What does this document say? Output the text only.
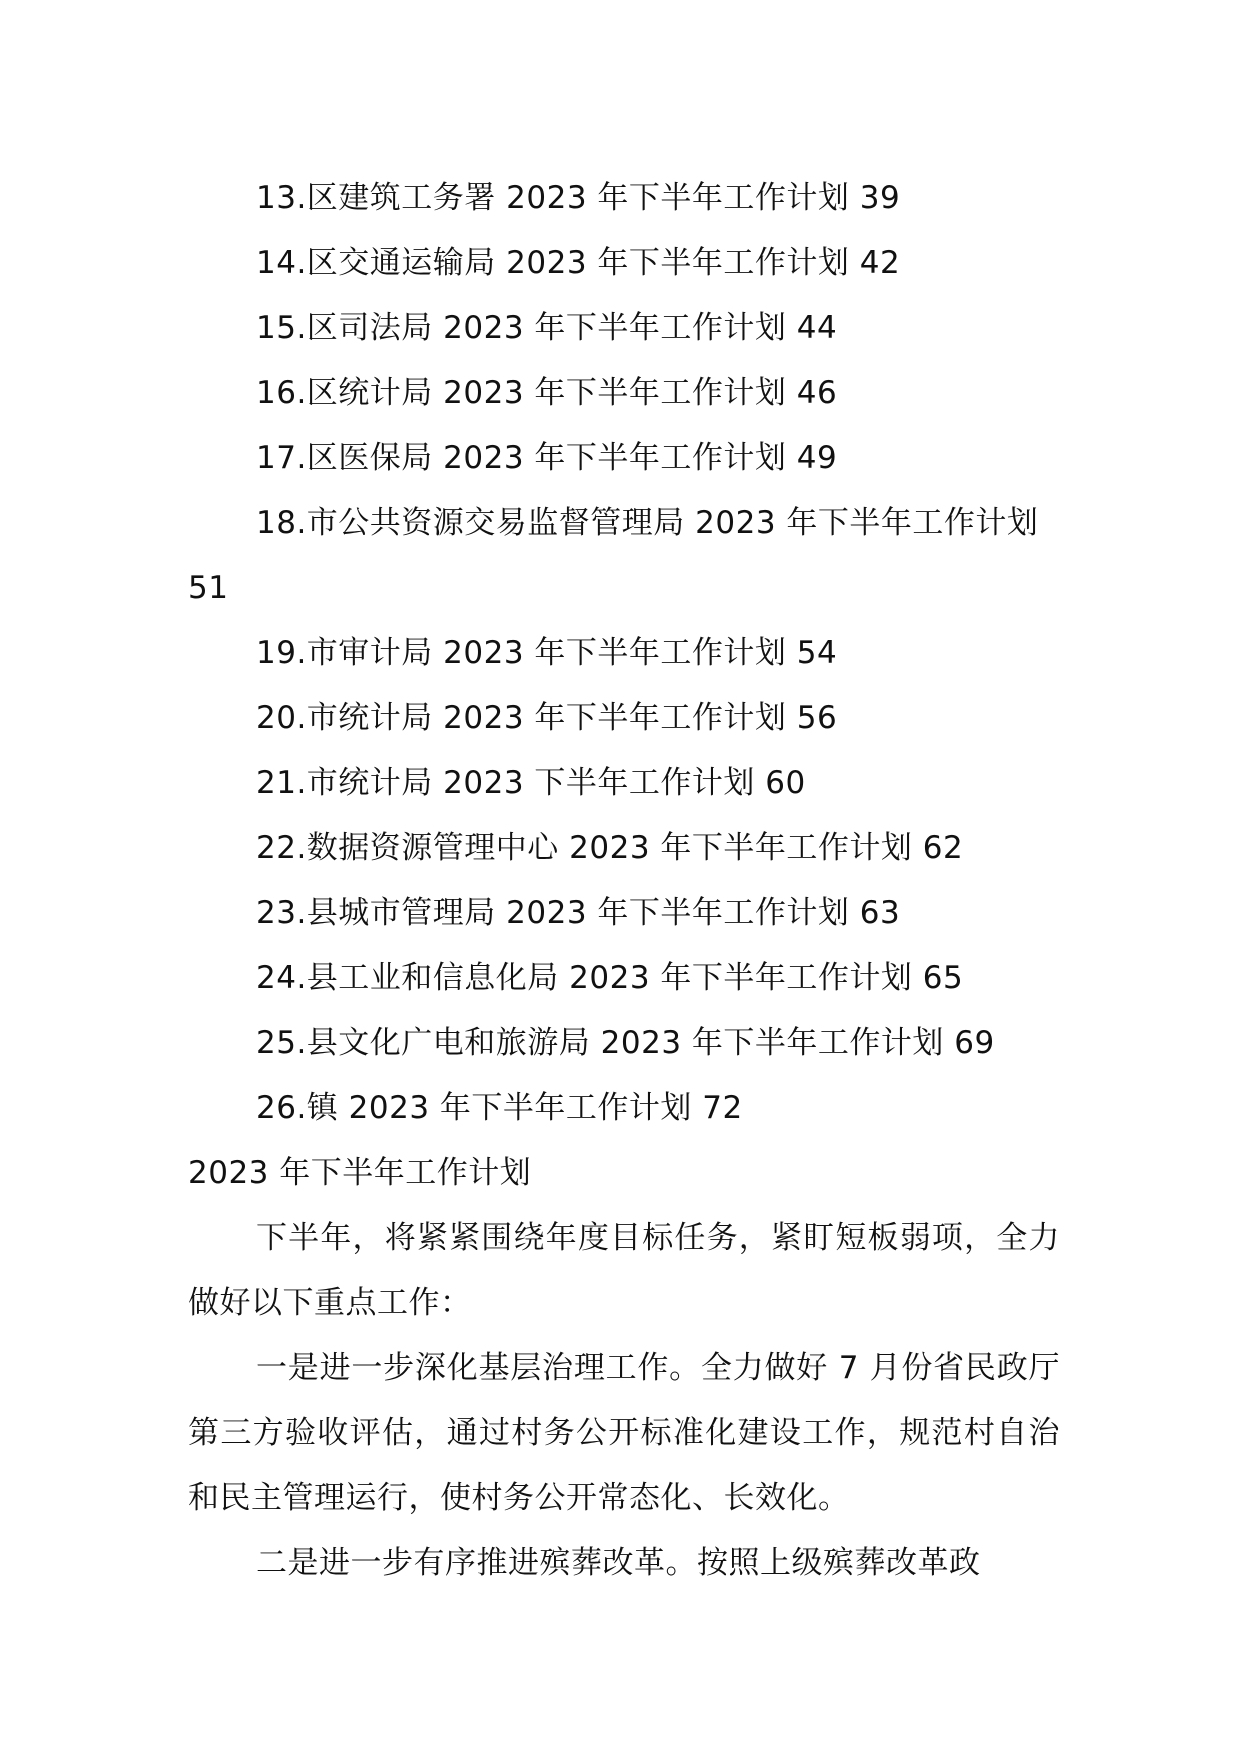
13.区建筑工务署 2023 年下半年工作计划 39

14.区交通运输局 2023 年下半年工作计划 42

15.区司法局 2023 年下半年工作计划 44

16.区统计局 2023 年下半年工作计划 46

17.区医保局 2023 年下半年工作计划 49

18.市公共资源交易监督管理局 2023 年下半年工作计划 51

19.市审计局 2023 年下半年工作计划 54

20.市统计局 2023 年下半年工作计划 56

21.市统计局 2023 下半年工作计划 60

22.数据资源管理中心 2023 年下半年工作计划 62

23.县城市管理局 2023 年下半年工作计划 63

24.县工业和信息化局 2023 年下半年工作计划 65

25.县文化广电和旅游局 2023 年下半年工作计划 69

26.镇 2023 年下半年工作计划 72

2023 年下半年工作计划

下半年，将紧紧围绕年度目标任务，紧盯短板弱项，全力做好以下重点工作：

一是进一步深化基层治理工作。全力做好 7 月份省民政厅第三方验收评估，通过村务公开标准化建设工作，规范村自治和民主管理运行，使村务公开常态化、长效化。

二是进一步有序推进殡葬改革。按照上级殡葬改革政
